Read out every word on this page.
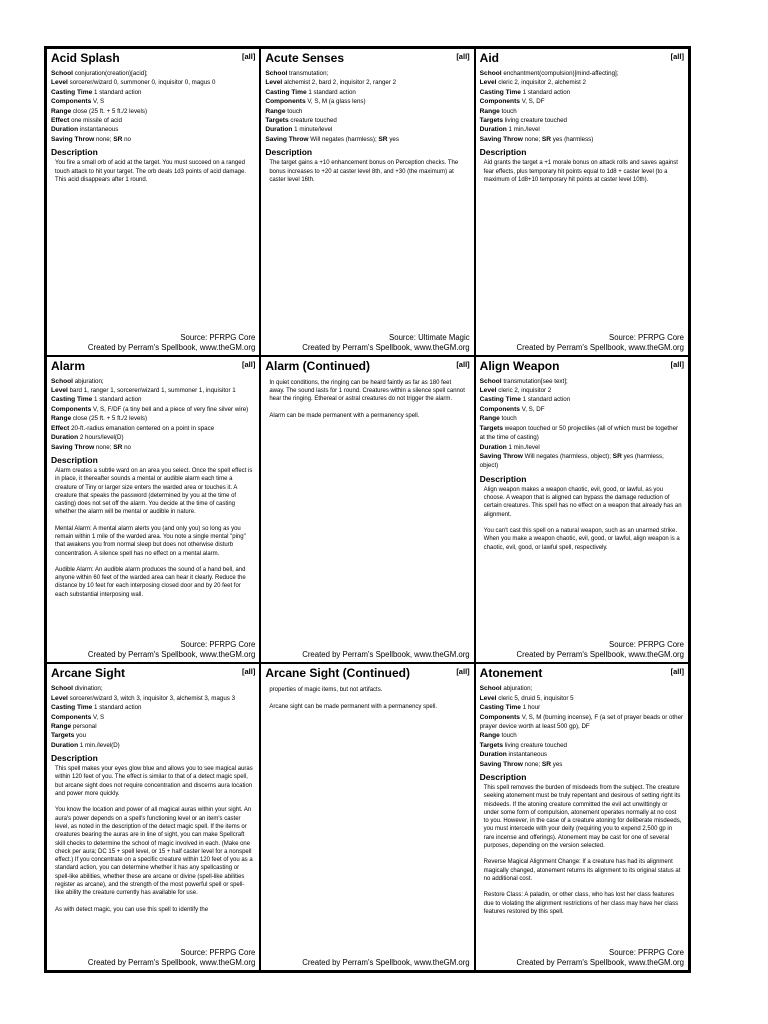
Acid Splash	[all]
School conjuration(creation)[acid];
Level sorcerer/wizard 0, summoner 0, inquisitor 0, magus 0
Casting Time 1 standard action
Components V, S
Range close (25 ft. + 5 ft./2 levels)
Effect one missile of acid
Duration instantaneous
Saving Throw none; SR no
Description

You fire a small orb of acid at the target. You must succeed on a ranged touch attack to hit your target. The orb deals 1d3 points of acid damage. This acid disappears after 1 round.

Source: PFRPG Core
Created by Perram's Spellbook, www.theGM.org
Acute Senses	[all]
School transmutation;
Level alchemist 2, bard 2, inquisitor 2, ranger 2
Casting Time 1 standard action
Components V, S, M (a glass lens)
Range touch
Targets creature touched
Duration 1 minute/level
Saving Throw Will negates (harmless); SR yes
Description

The target gains a +10 enhancement bonus on Perception checks. The bonus increases to +20 at caster level 8th, and +30 (the maximum) at caster level 16th.

Source: Ultimate Magic
Created by Perram's Spellbook, www.theGM.org
Aid	[all]
School enchantment(compulsion)[mind-affecting];
Level cleric 2, inquisitor 2, alchemist 2
Casting Time 1 standard action
Components V, S, DF
Range touch
Targets living creature touched
Duration 1 min./level
Saving Throw none; SR yes (harmless)
Description

Aid grants the target a +1 morale bonus on attack rolls and saves against fear effects, plus temporary hit points equal to 1d8 + caster level (to a maximum of 1d8+10 temporary hit points at caster level 10th).

Source: PFRPG Core
Created by Perram's Spellbook, www.theGM.org
Alarm	[all]
School abjuration;
Level bard 1, ranger 1, sorcerer/wizard 1, summoner 1, inquisitor 1
Casting Time 1 standard action
Components V, S, F/DF (a tiny bell and a piece of very fine silver wire)
Range close (25 ft. + 5 ft./2 levels)
Effect 20-ft.-radius emanation centered on a point in space
Duration 2 hours/level(D)
Saving Throw none; SR no
Description

Alarm creates a subtle ward on an area you select. Once the spell effect is in place, it thereafter sounds a mental or audible alarm each time a creature of Tiny or larger size enters the warded area or touches it. A creature that speaks the password (determined by you at the time of casting) does not set off the alarm. You decide at the time of casting whether the alarm will be mental or audible in nature.

Mental Alarm: A mental alarm alerts you (and only you) so long as you remain within 1 mile of the warded area. You note a single mental "ping" that awakens you from normal sleep but does not otherwise disturb concentration. A silence spell has no effect on a mental alarm.

Audible Alarm: An audible alarm produces the sound of a hand bell, and anyone within 60 feet of the warded area can hear it clearly. Reduce the distance by 10 feet for each interposing closed door and by 20 feet for each substantial interposing wall.

Source: PFRPG Core
Created by Perram's Spellbook, www.theGM.org
Alarm (Continued)	[all]

In quiet conditions, the ringing can be heard faintly as far as 180 feet away. The sound lasts for 1 round. Creatures within a silence spell cannot hear the ringing. Ethereal or astral creatures do not trigger the alarm.

Alarm can be made permanent with a permanency spell.

Created by Perram's Spellbook, www.theGM.org
Align Weapon	[all]
School transmutation[see text];
Level cleric 2, inquisitor 2
Casting Time 1 standard action
Components V, S, DF
Range touch
Targets weapon touched or 50 projectiles (all of which must be together at the time of casting)
Duration 1 min./level
Saving Throw Will negates (harmless, object); SR yes (harmless, object)
Description

Align weapon makes a weapon chaotic, evil, good, or lawful, as you choose. A weapon that is aligned can bypass the damage reduction of certain creatures. This spell has no effect on a weapon that already has an alignment.

You can't cast this spell on a natural weapon, such as an unarmed strike. When you make a weapon chaotic, evil, good, or lawful, align weapon is a chaotic, evil, good, or lawful spell, respectively.

Source: PFRPG Core
Created by Perram's Spellbook, www.theGM.org
Arcane Sight	[all]
School divination;
Level sorcerer/wizard 3, witch 3, inquisitor 3, alchemist 3, magus 3
Casting Time 1 standard action
Components V, S
Range personal
Targets you
Duration 1 min./level(D)
Description

This spell makes your eyes glow blue and allows you to see magical auras within 120 feet of you. The effect is similar to that of a detect magic spell, but arcane sight does not require concentration and discerns aura location and power more quickly.

You know the location and power of all magical auras within your sight. An aura's power depends on a spell's functioning level or an item's caster level, as noted in the description of the detect magic spell. If the items or creatures bearing the auras are in line of sight, you can make Spellcraft skill checks to determine the school of magic involved in each. (Make one check per aura; DC 15 + spell level, or 15 + half caster level for a nonspell effect.) If you concentrate on a specific creature within 120 feet of you as a standard action, you can determine whether it has any spellcasting or spell-like abilities, whether these are arcane or divine (spell-like abilities register as arcane), and the strength of the most powerful spell or spell-like ability the creature currently has available for use.

As with detect magic, you can use this spell to identify the

Source: PFRPG Core
Created by Perram's Spellbook, www.theGM.org
Arcane Sight (Continued)	[all]

properties of magic items, but not artifacts.

Arcane sight can be made permanent with a permanency spell.

Created by Perram's Spellbook, www.theGM.org
Atonement	[all]
School abjuration;
Level cleric 5, druid 5, inquisitor 5
Casting Time 1 hour
Components V, S, M (burning incense), F (a set of prayer beads or other prayer device worth at least 500 gp), DF
Range touch
Targets living creature touched
Duration instantaneous
Saving Throw none; SR yes
Description

This spell removes the burden of misdeeds from the subject. The creature seeking atonement must be truly repentant and desirous of setting right its misdeeds. If the atoning creature committed the evil act unwittingly or under some form of compulsion, atonement operates normally at no cost to you. However, in the case of a creature atoning for deliberate misdeeds, you must intercede with your deity (requiring you to expend 2,500 gp in rare incense and offerings). Atonement may be cast for one of several purposes, depending on the version selected.

Reverse Magical Alignment Change: If a creature has had its alignment magically changed, atonement returns its alignment to its original status at no additional cost.

Restore Class: A paladin, or other class, who has lost her class features due to violating the alignment restrictions of her class may have her class features restored by this spell.

Source: PFRPG Core
Created by Perram's Spellbook, www.theGM.org
